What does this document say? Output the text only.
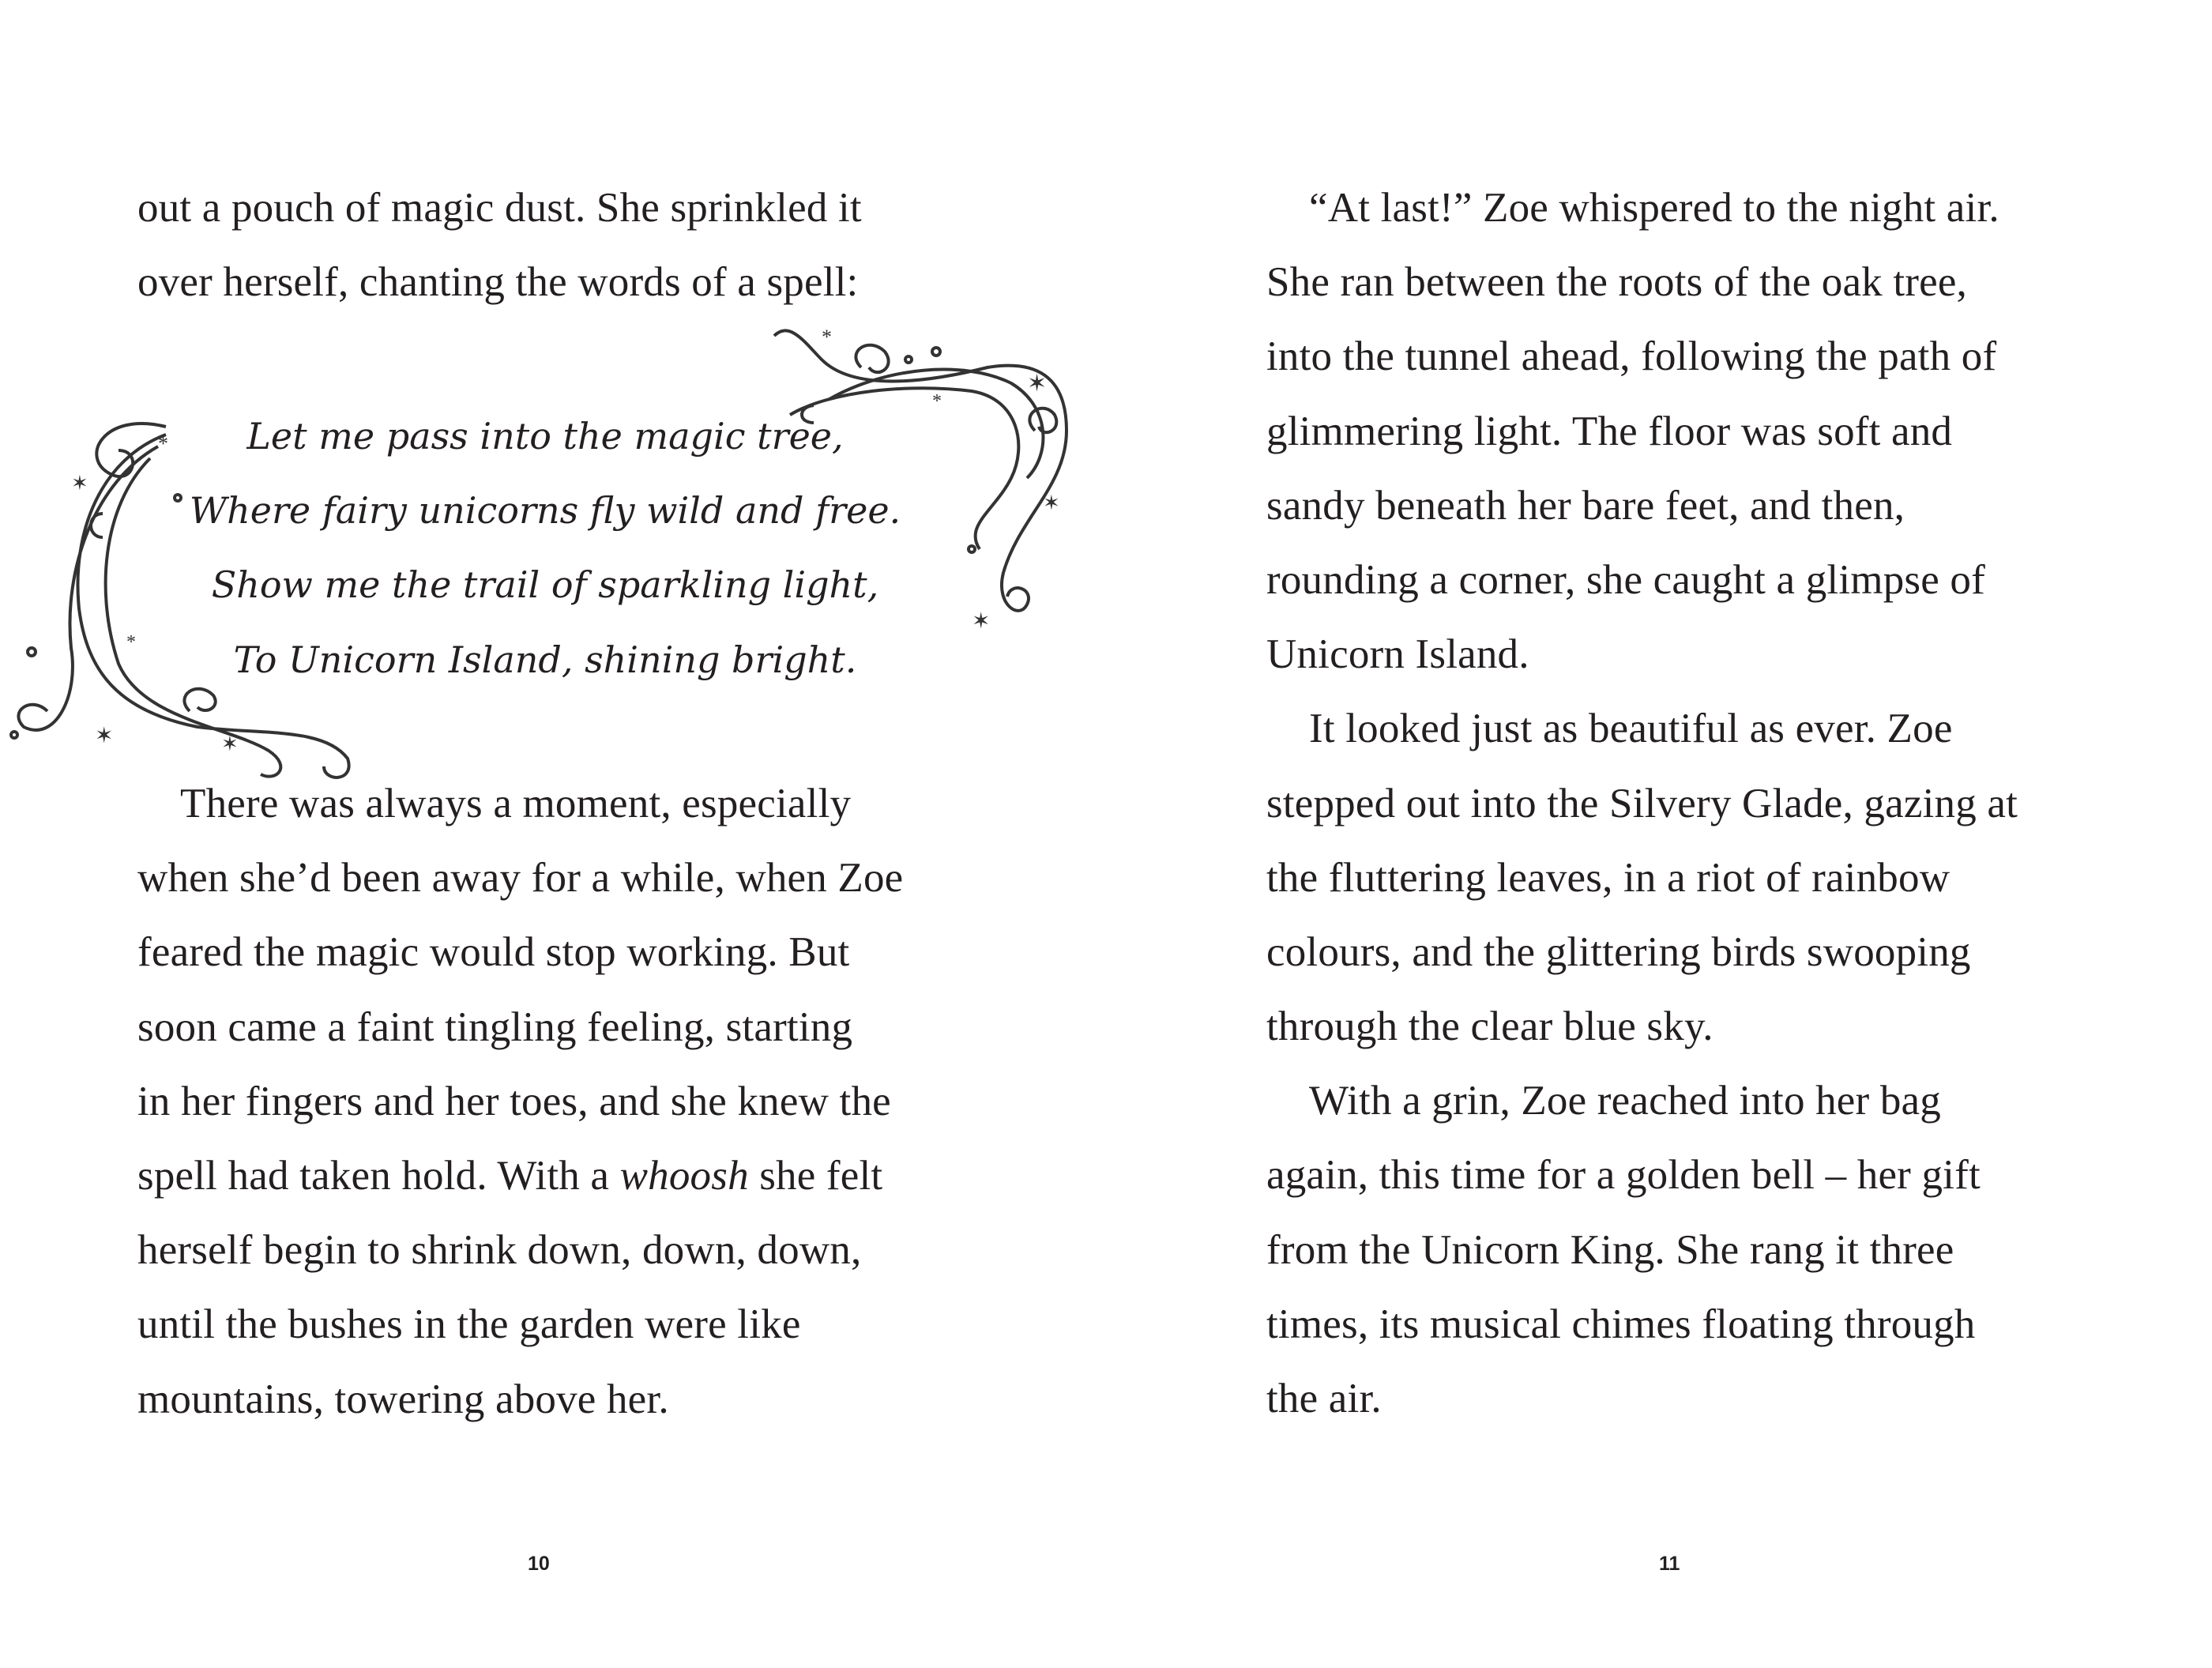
out a pouch of magic dust. She sprinkled it
over herself, chanting the words of a spell:
*
✶
*
✶	✶
*
✶
*
✶
✶
Let me pass into the magic tree,
Where fairy unicorns fly wild and free.
Show me the trail of sparkling light,
To Unicorn Island, shining bright.
There was always a moment, especially
when she’d been away for a while, when Zoe
feared the magic would stop working. But
soon came a faint tingling feeling, starting
in her fingers and her toes, and she knew the
spell had taken hold. With a whoosh she felt
herself begin to shrink down, down, down,
until the bushes in the garden were like
mountains, towering above her.
10
“At last!” Zoe whispered to the night air.
She ran between the roots of the oak tree,
into the tunnel ahead, following the path of
glimmering light. The floor was soft and
sandy beneath her bare feet, and then,
rounding a corner, she caught a glimpse of
Unicorn Island.
It looked just as beautiful as ever. Zoe
stepped out into the Silvery Glade, gazing at
the fluttering leaves, in a riot of rainbow
colours, and the glittering birds swooping
through the clear blue sky.
With a grin, Zoe reached into her bag
again, this time for a golden bell – her gift
from the Unicorn King. She rang it three
times, its musical chimes floating through
the air.
11
